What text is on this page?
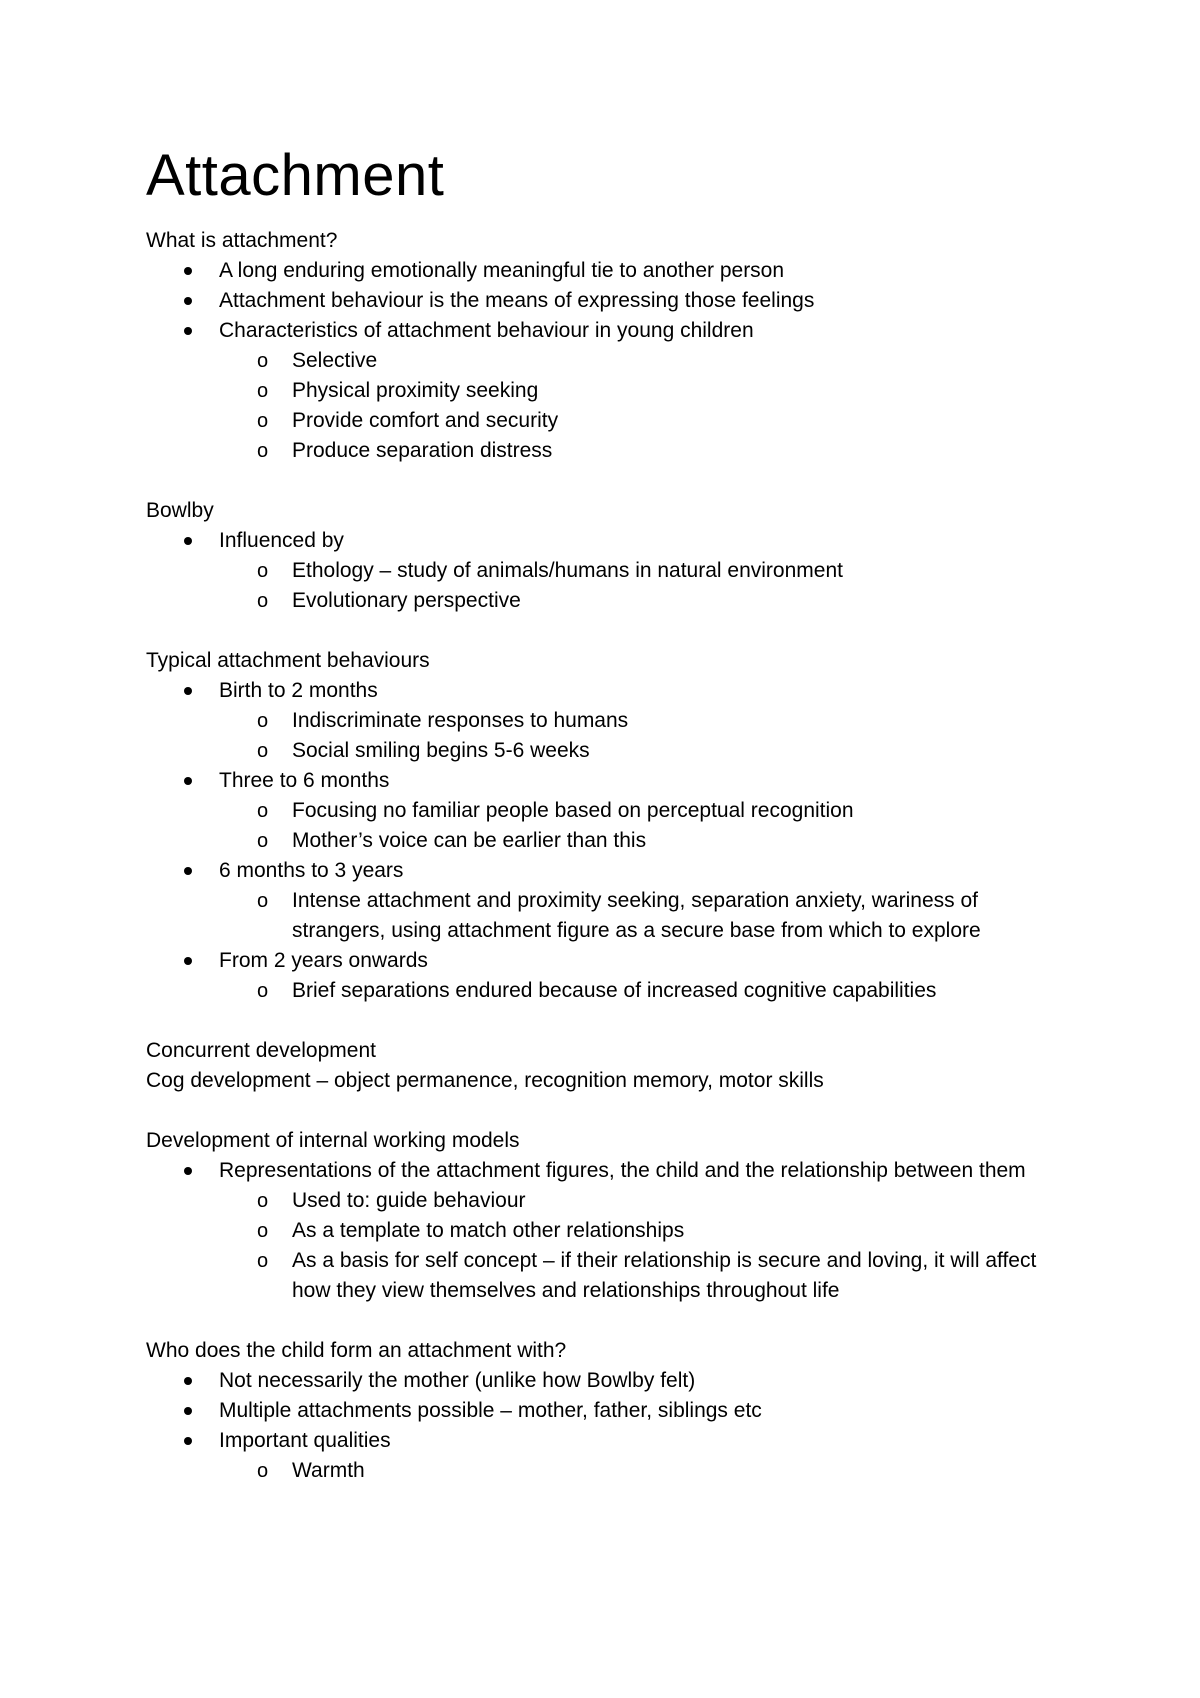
Attachment

What is attachment?

A long enduring emotionally meaningful tie to another person
Attachment behaviour is the means of expressing those feelings
Characteristics of attachment behaviour in young children
o Selective
o Physical proximity seeking
o Provide comfort and security
o Produce separation distress

Bowlby

Influenced by
o Ethology – study of animals/humans in natural environment
o Evolutionary perspective

Typical attachment behaviours

Birth to 2 months
o Indiscriminate responses to humans
o Social smiling begins 5-6 weeks
Three to 6 months
o Focusing no familiar people based on perceptual recognition
o Mother’s voice can be earlier than this
6 months to 3 years
o Intense attachment and proximity seeking, separation anxiety, wariness of strangers, using attachment figure as a secure base from which to explore
From 2 years onwards
o Brief separations endured because of increased cognitive capabilities

Concurrent development

Cog development – object permanence, recognition memory, motor skills

Development of internal working models

Representations of the attachment figures, the child and the relationship between them
o Used to: guide behaviour
o As a template to match other relationships
o As a basis for self concept – if their relationship is secure and loving, it will affect how they view themselves and relationships throughout life

Who does the child form an attachment with?

Not necessarily the mother (unlike how Bowlby felt)
Multiple attachments possible – mother, father, siblings etc
Important qualities
o Warmth
